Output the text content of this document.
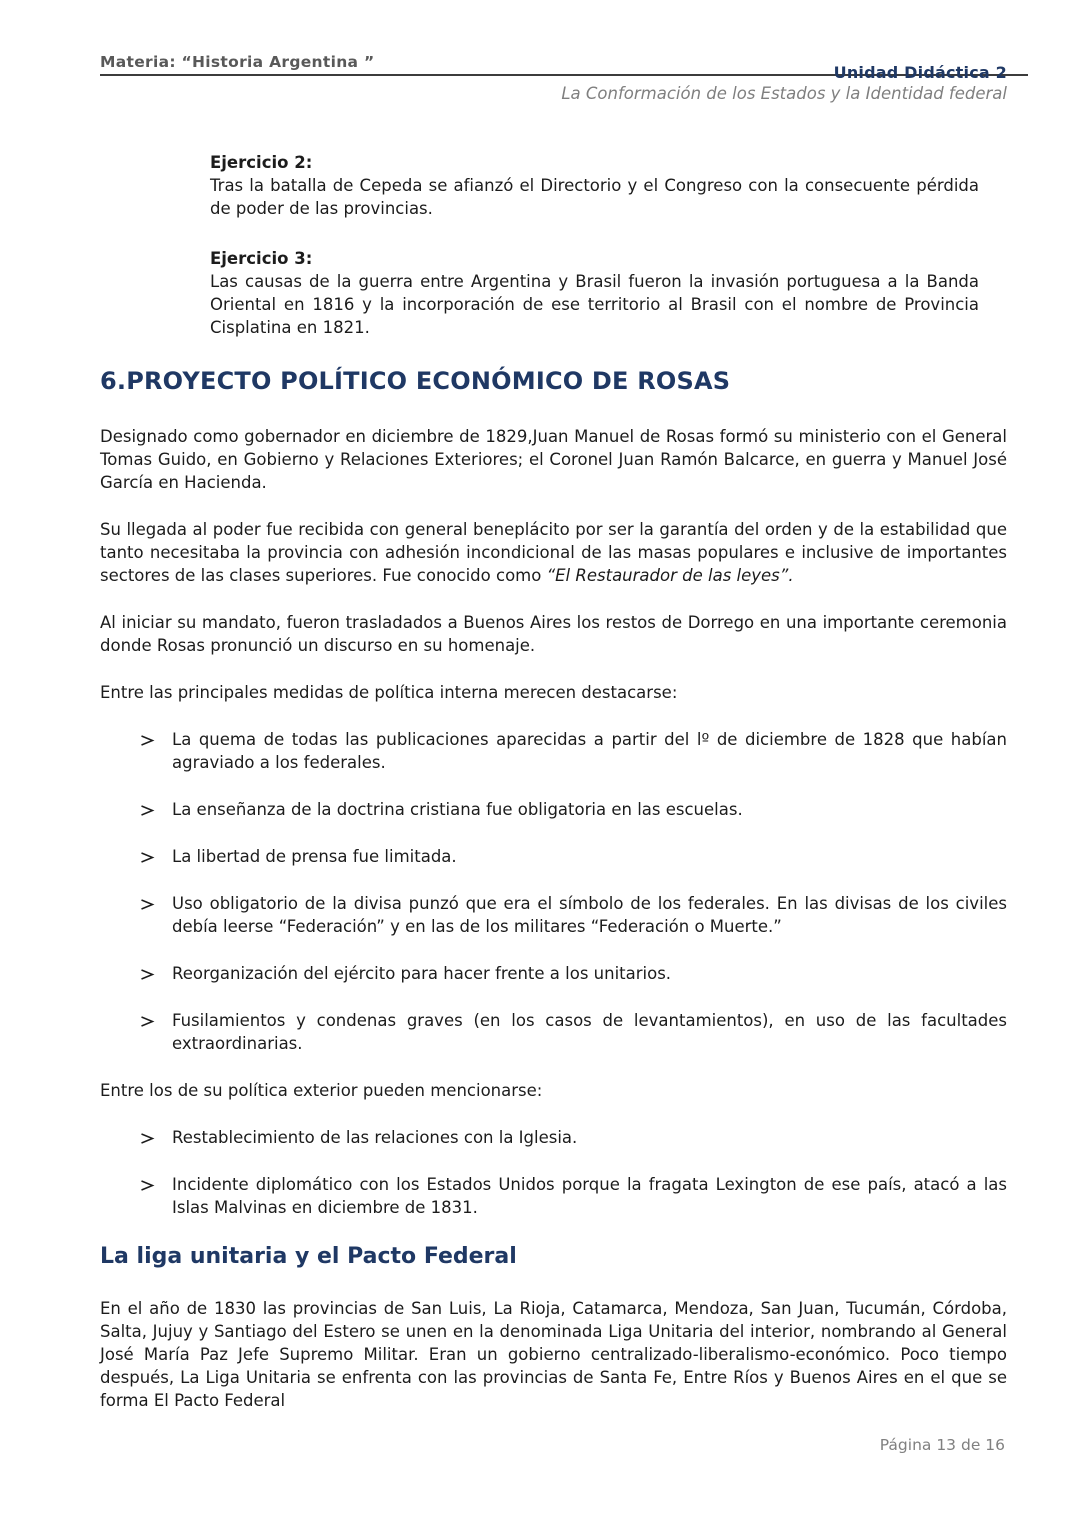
Materia: “Historia Argentina ”
Unidad Didáctica 2
La Conformación de los Estados y la Identidad federal
Ejercicio 2:
Tras la batalla de Cepeda se afianzó el Directorio y el Congreso con la consecuente pérdida de poder de las provincias.
Ejercicio 3:
Las causas de la guerra entre Argentina y Brasil fueron la invasión portuguesa a la Banda Oriental en 1816 y la incorporación de ese territorio al Brasil con el nombre de Provincia Cisplatina en 1821.
6.PROYECTO POLÍTICO ECONÓMICO DE ROSAS

Designado como gobernador en diciembre de 1829,Juan Manuel de Rosas formó su ministerio con el General Tomas Guido, en Gobierno y Relaciones Exteriores; el Coronel Juan Ramón Balcarce, en guerra y Manuel José García en Hacienda.

Su llegada al poder fue recibida con general beneplácito por ser la garantía del orden y de la estabilidad que tanto necesitaba la provincia con adhesión incondicional de las masas populares e inclusive de importantes sectores de las clases superiores. Fue conocido como “El Restaurador de las leyes”.

Al iniciar su mandato, fueron trasladados a Buenos Aires los restos de Dorrego en una importante ceremonia donde Rosas pronunció un discurso en su homenaje.

Entre las principales medidas de política interna merecen destacarse:

La quema de todas las publicaciones aparecidas a partir del lº de diciembre de 1828 que habían agraviado a los federales.
La enseñanza de la doctrina cristiana fue obligatoria en las escuelas.
La libertad de prensa fue limitada.
Uso obligatorio de la divisa punzó que era el símbolo de los federales. En las divisas de los civiles debía leerse “Federación” y en las de los militares “Federación o Muerte.”
Reorganización del ejército para hacer frente a los unitarios.
Fusilamientos y condenas graves (en los casos de levantamientos), en uso de las facultades extraordinarias.

Entre los de su política exterior pueden mencionarse:

Restablecimiento de las relaciones con la Iglesia.
Incidente diplomático con los Estados Unidos porque la fragata Lexington de ese país, atacó a las Islas Malvinas en diciembre de 1831.
La liga unitaria y el Pacto Federal

En el año de 1830 las provincias de San Luis, La Rioja, Catamarca, Mendoza, San Juan, Tucumán, Córdoba, Salta, Jujuy y Santiago del Estero se unen en la denominada Liga Unitaria del interior, nombrando al General José María Paz Jefe Supremo Militar. Eran un gobierno centralizado-liberalismo-económico. Poco tiempo después, La Liga Unitaria se enfrenta con las provincias de Santa Fe, Entre Ríos y Buenos Aires en el que se forma El Pacto Federal

Página 13 de 16
